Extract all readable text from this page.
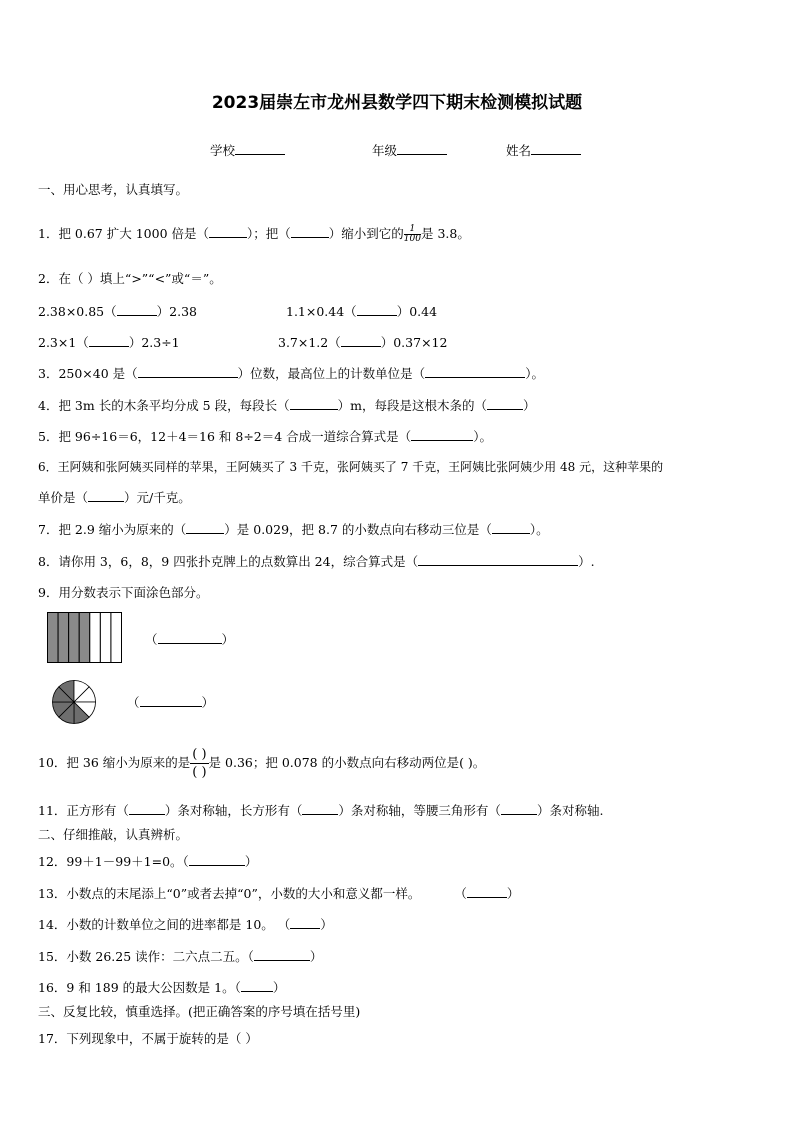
2023届崇左市龙州县数学四下期末检测模拟试题
学校	年级	姓名
一、用心思考，认真填写。
1．把 0.67 扩大 1000 倍是（	）；把（	）缩小到它的 $\frac{1}{100}$ 是 3.8。
2．在（ ）填上“>”“<”或“＝”。
2.38×0.85（	）2.38	1.1×0.44（	）0.44
2.3×1（	）2.3÷1	3.7×1.2（	）0.37×12
3．250×40 是（	）位数，最高位上的计数单位是（	）。
4．把 3m 长的木条平均分成 5 段，每段长（	）m，每段是这根木条的（	）
5．把 96÷16＝6，12＋4＝16 和 8÷2＝4 合成一道综合算式是（	）。
6．王阿姨和张阿姨买同样的苹果，王阿姨买了 3 千克，张阿姨买了 7 千克，王阿姨比张阿姨少用 48 元，这种苹果的
单价是（	）元/千克。
7．把 2.9 缩小为原来的（	）是 0.029，把 8.7 的小数点向右移动三位是（	）。
8．请你用 3，6，8，9 四张扑克牌上的点数算出 24，综合算式是（	）.
9．用分数表示下面涂色部分。
（	）
（	）
10．把 36 缩小为原来的是 $\frac{( )}{( )}$ 是 0.36；把 0.078 的小数点向右移动两位是( )。
11．正方形有（	）条对称轴，长方形有（	）条对称轴，等腰三角形有（	）条对称轴.
二、仔细推敲，认真辨析。
12．99＋1－99＋1=0。（	）
13．小数点的末尾添上“0”或者去掉“0”，小数的大小和意义都一样。	（	）
14．小数的计数单位之间的进率都是 10。 （ ）
15．小数 26.25 读作：二六点二五。（	）
16．9 和 189 的最大公因数是 1。（	）
三、反复比较，慎重选择。(把正确答案的序号填在括号里)
17．下列现象中，不属于旋转的是（ ）
